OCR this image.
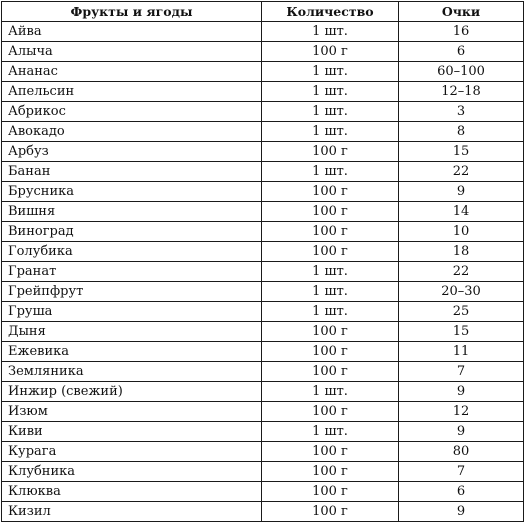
Фрукты и ягоды	Количество	Очки
Айва	1 шт.	16
Алыча	100 г	6
Ананас	1 шт.	60–100
Апельсин	1 шт.	12–18
Абрикос	1 шт.	3
Авокадо	1 шт.	8
Арбуз	100 г	15
Банан	1 шт.	22
Брусника	100 г	9
Вишня	100 г	14
Виноград	100 г	10
Голубика	100 г	18
Гранат	1 шт.	22
Грейпфрут	1 шт.	20–30
Груша	1 шт.	25
Дыня	100 г	15
Ежевика	100 г	11
Земляника	100 г	7
Инжир (свежий)	1 шт.	9
Изюм	100 г	12
Киви	1 шт.	9
Курага	100 г	80
Клубника	100 г	7
Клюква	100 г	6
Кизил	100 г	9
